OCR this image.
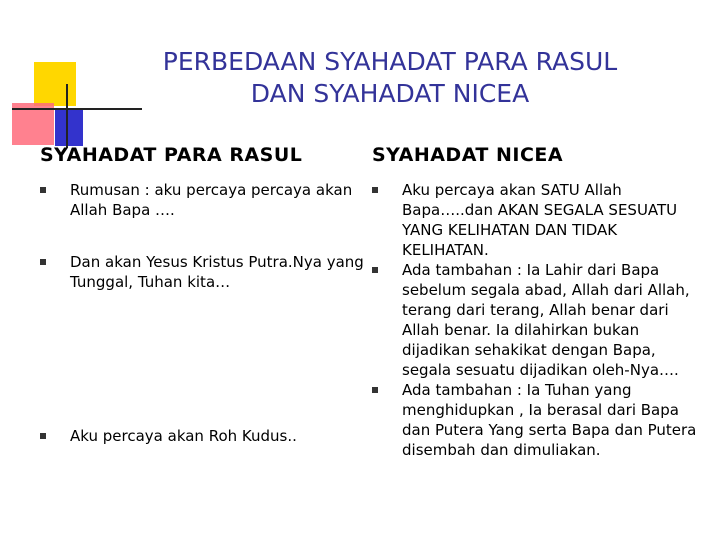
PERBEDAAN SYAHADAT PARA RASUL
DAN SYAHADAT NICEA
SYAHADAT PARA RASUL
Rumusan : aku percaya percaya akan Allah Bapa ….
Dan akan Yesus Kristus Putra.Nya yang Tunggal, Tuhan kita…
Aku percaya akan Roh Kudus..
SYAHADAT NICEA
Aku percaya akan SATU Allah Bapa…..dan AKAN SEGALA SESUATU YANG KELIHATAN DAN TIDAK KELIHATAN.
Ada tambahan : Ia Lahir dari Bapa sebelum segala abad, Allah dari Allah, terang dari terang, Allah benar dari Allah benar. Ia dilahirkan bukan dijadikan sehakikat dengan Bapa, segala sesuatu dijadikan oleh-Nya….
Ada tambahan : Ia Tuhan yang menghidupkan , Ia berasal dari Bapa dan Putera Yang serta Bapa dan Putera disembah dan dimuliakan.
